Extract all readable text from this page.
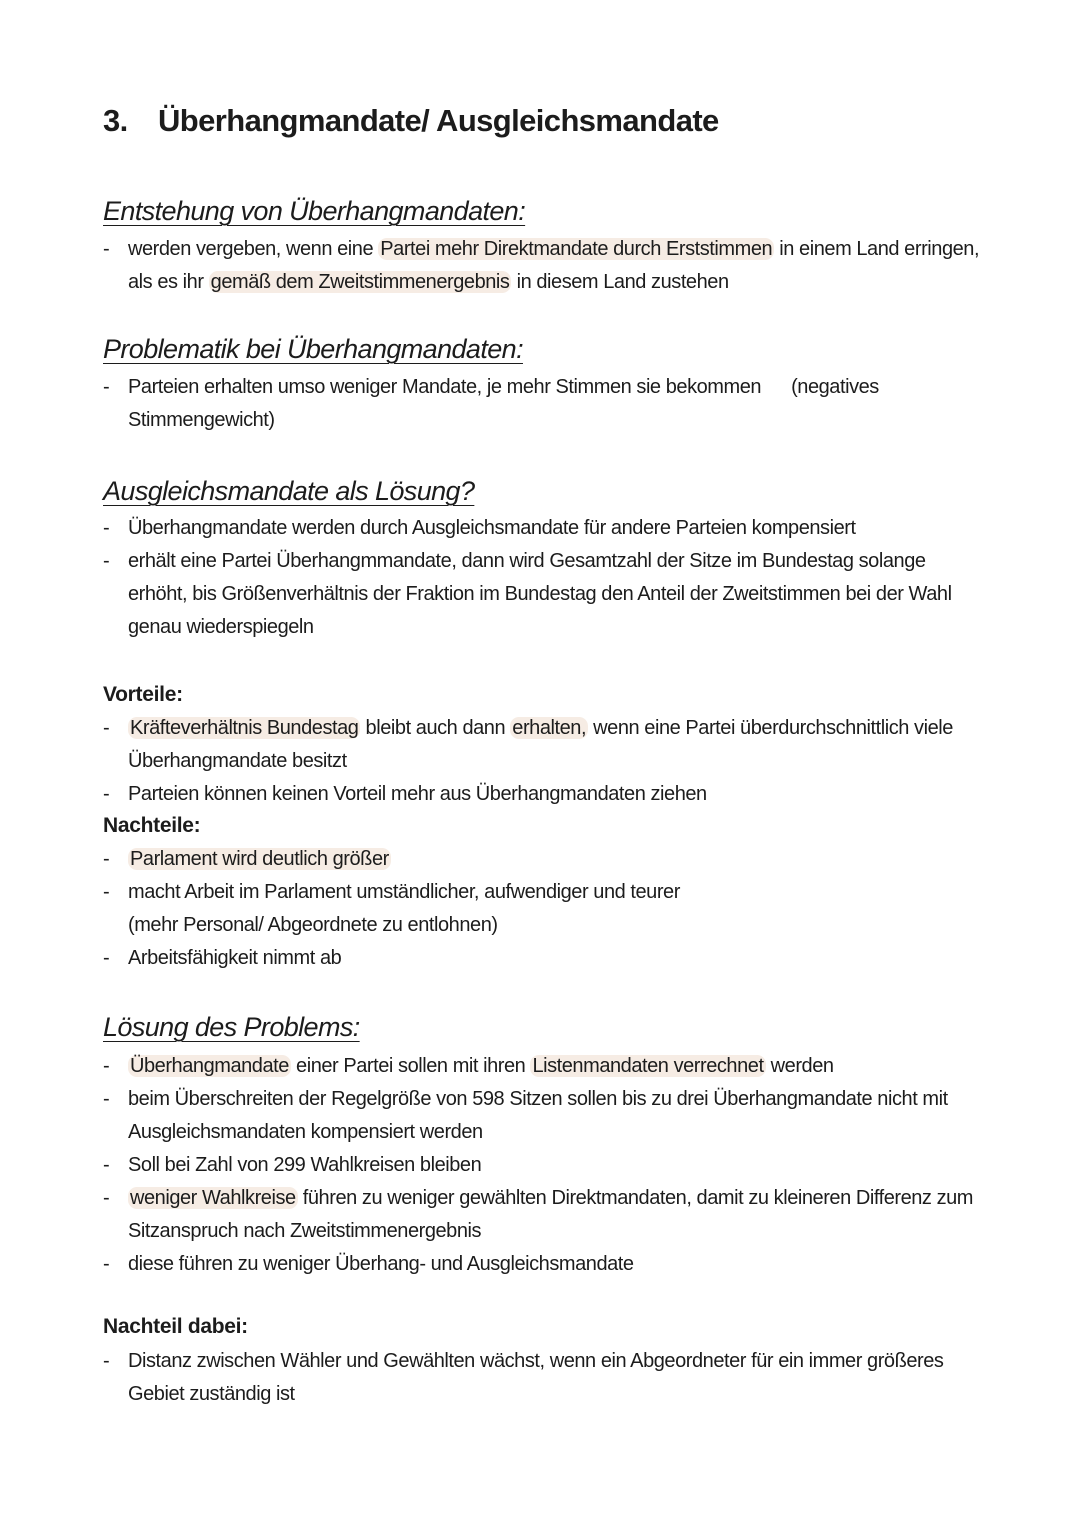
3. Überhangmandate/ Ausgleichsmandate
Entstehung von Überhangmandaten:
- werden vergeben, wenn eine Partei mehr Direktmandate durch Erststimmen in einem Land erringen, als es ihr gemäß dem Zweitstimmenergebnis in diesem Land zustehen
Problematik bei Überhangmandaten:
- Parteien erhalten umso weniger Mandate, je mehr Stimmen sie bekommen (negatives Stimmengewicht)
Ausgleichsmandate als Lösung?
- Überhangmandate werden durch Ausgleichsmandate für andere Parteien kompensiert
- erhält eine Partei Überhangmmandate, dann wird Gesamtzahl der Sitze im Bundestag solange erhöht, bis Größenverhältnis der Fraktion im Bundestag den Anteil der Zweitstimmen bei der Wahl genau wiederspiegeln
Vorteile:
- Kräfteverhältnis Bundestag bleibt auch dann erhalten, wenn eine Partei überdurchschnittlich viele Überhangmandate besitzt
- Parteien können keinen Vorteil mehr aus Überhangmandaten ziehen
Nachteile:
- Parlament wird deutlich größer
- macht Arbeit im Parlament umständlicher, aufwendiger und teurer (mehr Personal/ Abgeordnete zu entlohnen)
- Arbeitsfähigkeit nimmt ab
Lösung des Problems:
- Überhangmandate einer Partei sollen mit ihren Listenmandaten verrechnet werden
- beim Überschreiten der Regelgröße von 598 Sitzen sollen bis zu drei Überhangmandate nicht mit Ausgleichsmandaten kompensiert werden
- Soll bei Zahl von 299 Wahlkreisen bleiben
- weniger Wahlkreise führen zu weniger gewählten Direktmandaten, damit zu kleineren Differenz zum Sitzanspruch nach Zweitstimmenergebnis
- diese führen zu weniger Überhang- und Ausgleichsmandate
Nachteil dabei:
- Distanz zwischen Wähler und Gewählten wächst, wenn ein Abgeordneter für ein immer größeres Gebiet zuständig ist
